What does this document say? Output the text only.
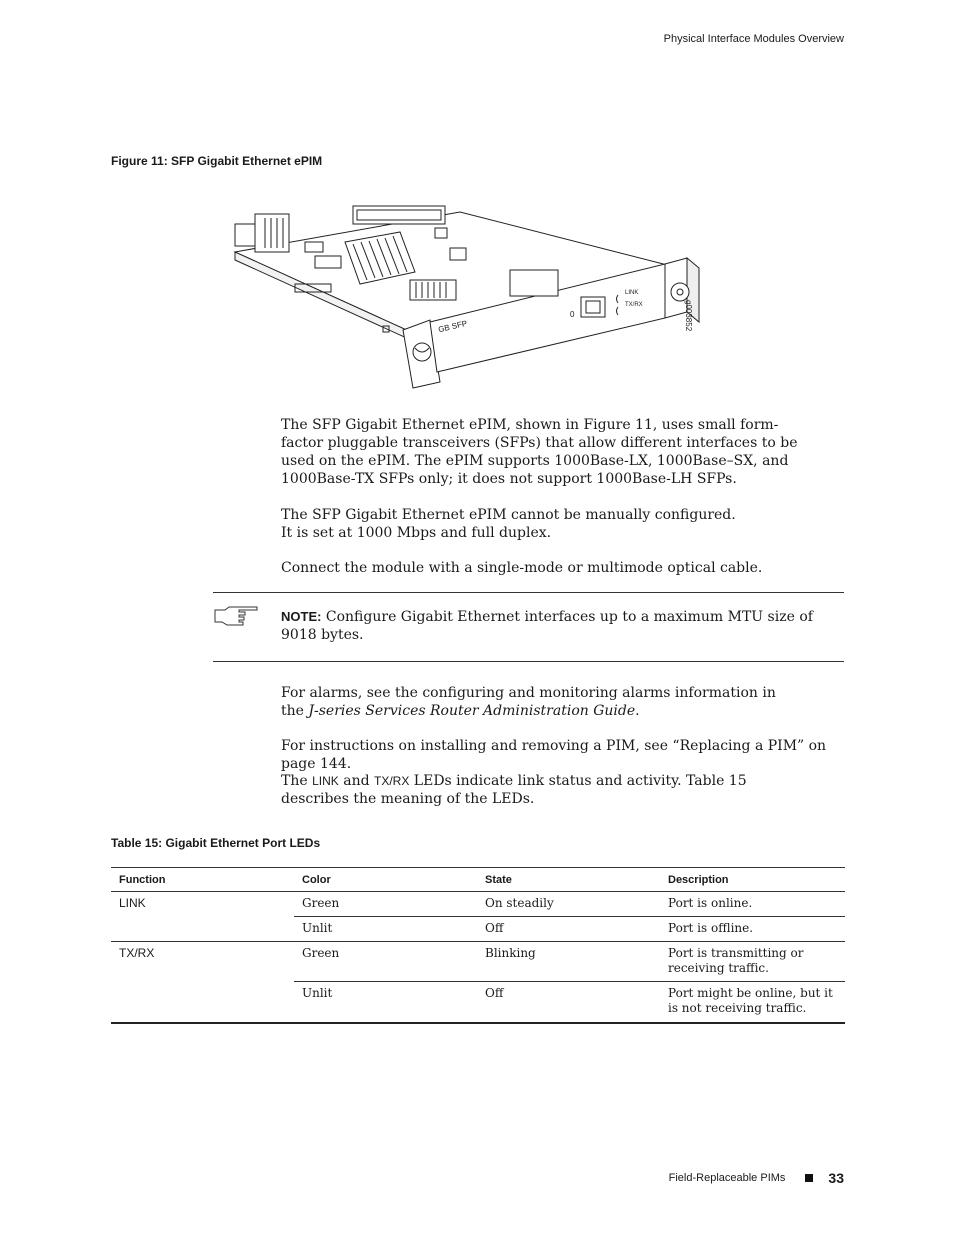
Physical Interface Modules Overview
Figure 11: SFP Gigabit Ethernet ePIM
GB SFP
0
LINK
TX/RX	g003852

The SFP Gigabit Ethernet ePIM, shown in Figure 11, uses small form-factor pluggable transceivers (SFPs) that allow different interfaces to be used on the ePIM. The ePIM supports 1000Base-LX, 1000Base–SX, and 1000Base-TX SFPs only; it does not support 1000Base-LH SFPs.

The SFP Gigabit Ethernet ePIM cannot be manually configured. It is set at 1000 Mbps and full duplex.

Connect the module with a single-mode or multimode optical cable.

NOTE: Configure Gigabit Ethernet interfaces up to a maximum MTU size of 9018 bytes.
For alarms, see the configuring and monitoring alarms information in the J-series Services Router Administration Guide.

For instructions on installing and removing a PIM, see “Replacing a PIM” on page 144.

The LINK and TX/RX LEDs indicate link status and activity. Table 15 describes the meaning of the LEDs.
Table 15: Gigabit Ethernet Port LEDs
Function	Color	State	Description
LINK	Green	On steadily	Port is online.
	Unlit	Off	Port is offline.
TX/RX	Green	Blinking	Port is transmitting or receiving traffic.
	Unlit	Off	Port might be online, but it is not receiving traffic.
Field-Replaceable PIMs	33
